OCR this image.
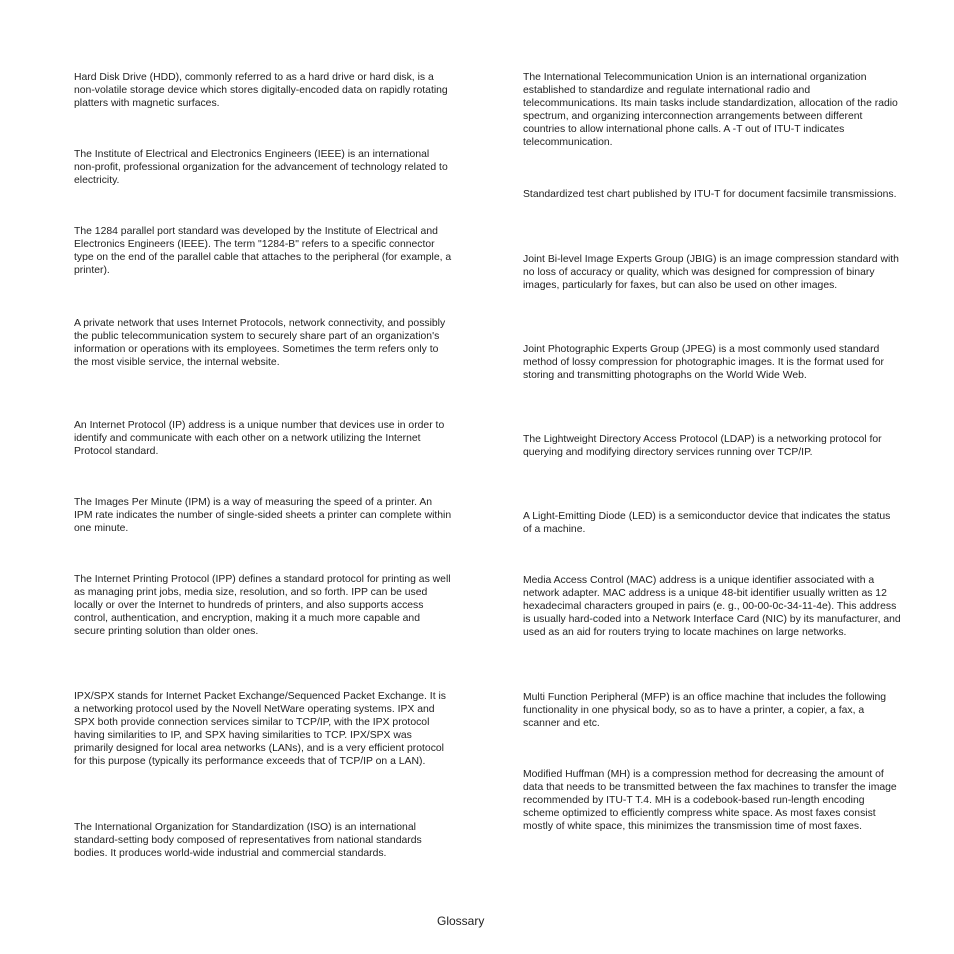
Hard Disk Drive (HDD), commonly referred to as a hard drive or hard disk, is a non-volatile storage device which stores digitally-encoded data on rapidly rotating platters with magnetic surfaces.

The Institute of Electrical and Electronics Engineers (IEEE) is an international non-profit, professional organization for the advancement of technology related to electricity.

The 1284 parallel port standard was developed by the Institute of Electrical and Electronics Engineers (IEEE). The term "1284-B" refers to a specific connector type on the end of the parallel cable that attaches to the peripheral (for example, a printer).

A private network that uses Internet Protocols, network connectivity, and possibly the public telecommunication system to securely share part of an organization's information or operations with its employees. Sometimes the term refers only to the most visible service, the internal website.

An Internet Protocol (IP) address is a unique number that devices use in order to identify and communicate with each other on a network utilizing the Internet Protocol standard.

The Images Per Minute (IPM) is a way of measuring the speed of a printer. An IPM rate indicates the number of single-sided sheets a printer can complete within one minute.

The Internet Printing Protocol (IPP) defines a standard protocol for printing as well as managing print jobs, media size, resolution, and so forth. IPP can be used locally or over the Internet to hundreds of printers, and also supports access control, authentication, and encryption, making it a much more capable and secure printing solution than older ones.

IPX/SPX stands for Internet Packet Exchange/Sequenced Packet Exchange. It is a networking protocol used by the Novell NetWare operating systems. IPX and SPX both provide connection services similar to TCP/IP, with the IPX protocol having similarities to IP, and SPX having similarities to TCP. IPX/SPX was primarily designed for local area networks (LANs), and is a very efficient protocol for this purpose (typically its performance exceeds that of TCP/IP on a LAN).

The International Organization for Standardization (ISO) is an international standard-setting body composed of representatives from national standards bodies. It produces world-wide industrial and commercial standards.

The International Telecommunication Union is an international organization established to standardize and regulate international radio and telecommunications. Its main tasks include standardization, allocation of the radio spectrum, and organizing interconnection arrangements between different countries to allow international phone calls. A -T out of ITU-T indicates telecommunication.

Standardized test chart published by ITU-T for document facsimile transmissions.

Joint Bi-level Image Experts Group (JBIG) is an image compression standard with no loss of accuracy or quality, which was designed for compression of binary images, particularly for faxes, but can also be used on other images.

Joint Photographic Experts Group (JPEG) is a most commonly used standard method of lossy compression for photographic images. It is the format used for storing and transmitting photographs on the World Wide Web.

The Lightweight Directory Access Protocol (LDAP) is a networking protocol for querying and modifying directory services running over TCP/IP.

A Light-Emitting Diode (LED) is a semiconductor device that indicates the status of a machine.

Media Access Control (MAC) address is a unique identifier associated with a network adapter. MAC address is a unique 48-bit identifier usually written as 12 hexadecimal characters grouped in pairs (e. g., 00-00-0c-34-11-4e). This address is usually hard-coded into a Network Interface Card (NIC) by its manufacturer, and used as an aid for routers trying to locate machines on large networks.

Multi Function Peripheral (MFP) is an office machine that includes the following functionality in one physical body, so as to have a printer, a copier, a fax, a scanner and etc.

Modified Huffman (MH) is a compression method for decreasing the amount of data that needs to be transmitted between the fax machines to transfer the image recommended by ITU-T T.4. MH is a codebook-based run-length encoding scheme optimized to efficiently compress white space. As most faxes consist mostly of white space, this minimizes the transmission time of most faxes.

Glossary
